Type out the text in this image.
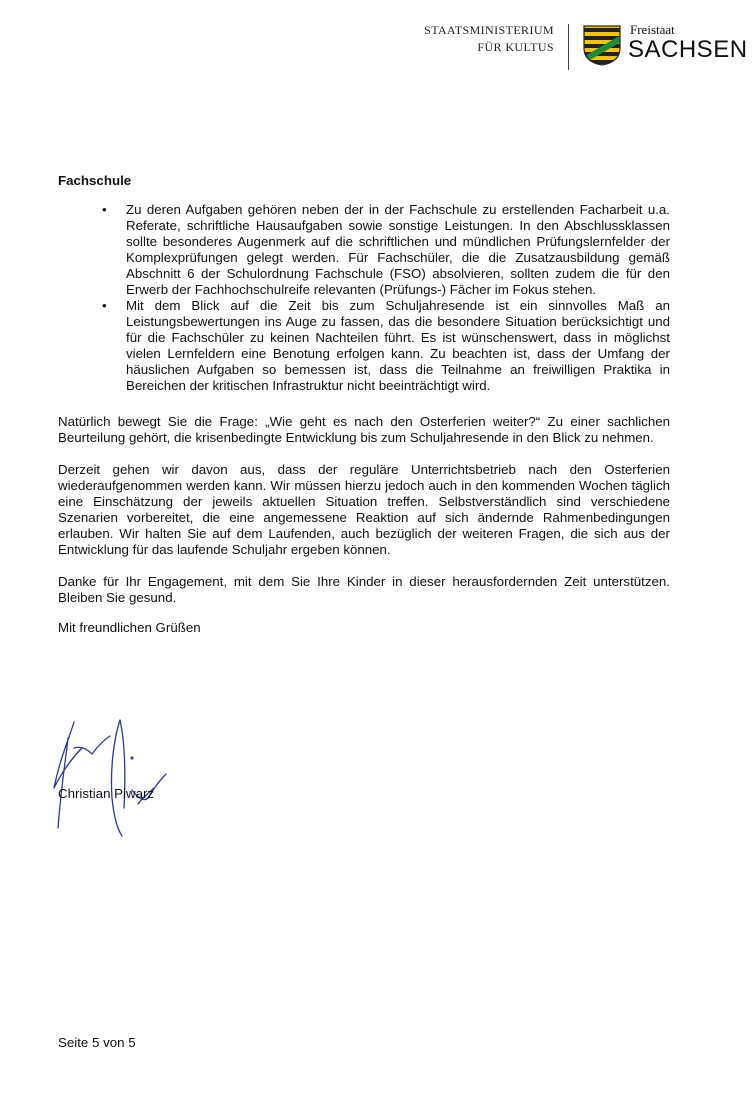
STAATSMINISTERIUM
FÜR KULTUS
Freistaat
SACHSEN
Fachschule
• Zu deren Aufgaben gehören neben der in der Fachschule zu erstellenden Facharbeit u.a. Referate, schriftliche Hausaufgaben sowie sonstige Leistungen. In den Abschlussklassen sollte besonderes Augenmerk auf die schriftlichen und mündlichen Prüfungslernfelder der Komplexprüfungen gelegt werden. Für Fachschüler, die die Zusatzausbildung gemäß Abschnitt 6 der Schulordnung Fachschule (FSO) absolvieren, sollten zudem die für den Erwerb der Fachhochschulreife relevanten (Prüfungs-) Fächer im Fokus stehen.
• Mit dem Blick auf die Zeit bis zum Schuljahresende ist ein sinnvolles Maß an Leistungsbewertungen ins Auge zu fassen, das die besondere Situation berücksichtigt und für die Fachschüler zu keinen Nachteilen führt. Es ist wünschenswert, dass in möglichst vielen Lernfeldern eine Benotung erfolgen kann. Zu beachten ist, dass der Umfang der häuslichen Aufgaben so bemessen ist, dass die Teilnahme an freiwilligen Praktika in Bereichen der kritischen Infrastruktur nicht beeinträchtigt wird.

Natürlich bewegt Sie die Frage: „Wie geht es nach den Osterferien weiter?“ Zu einer sachlichen Beurteilung gehört, die krisenbedingte Entwicklung bis zum Schuljahresende in den Blick zu nehmen.

Derzeit gehen wir davon aus, dass der reguläre Unterrichtsbetrieb nach den Osterferien wiederaufgenommen werden kann. Wir müssen hierzu jedoch auch in den kommenden Wochen täglich eine Einschätzung der jeweils aktuellen Situation treffen. Selbstverständlich sind verschiedene Szenarien vorbereitet, die eine angemessene Reaktion auf sich ändernde Rahmenbedingungen erlauben. Wir halten Sie auf dem Laufenden, auch bezüglich der weiteren Fragen, die sich aus der Entwicklung für das laufende Schuljahr ergeben können.

Danke für Ihr Engagement, mit dem Sie Ihre Kinder in dieser herausfordernden Zeit unterstützen. Bleiben Sie gesund.

Mit freundlichen Grüßen

Christian Piwarz
Seite 5 von 5
